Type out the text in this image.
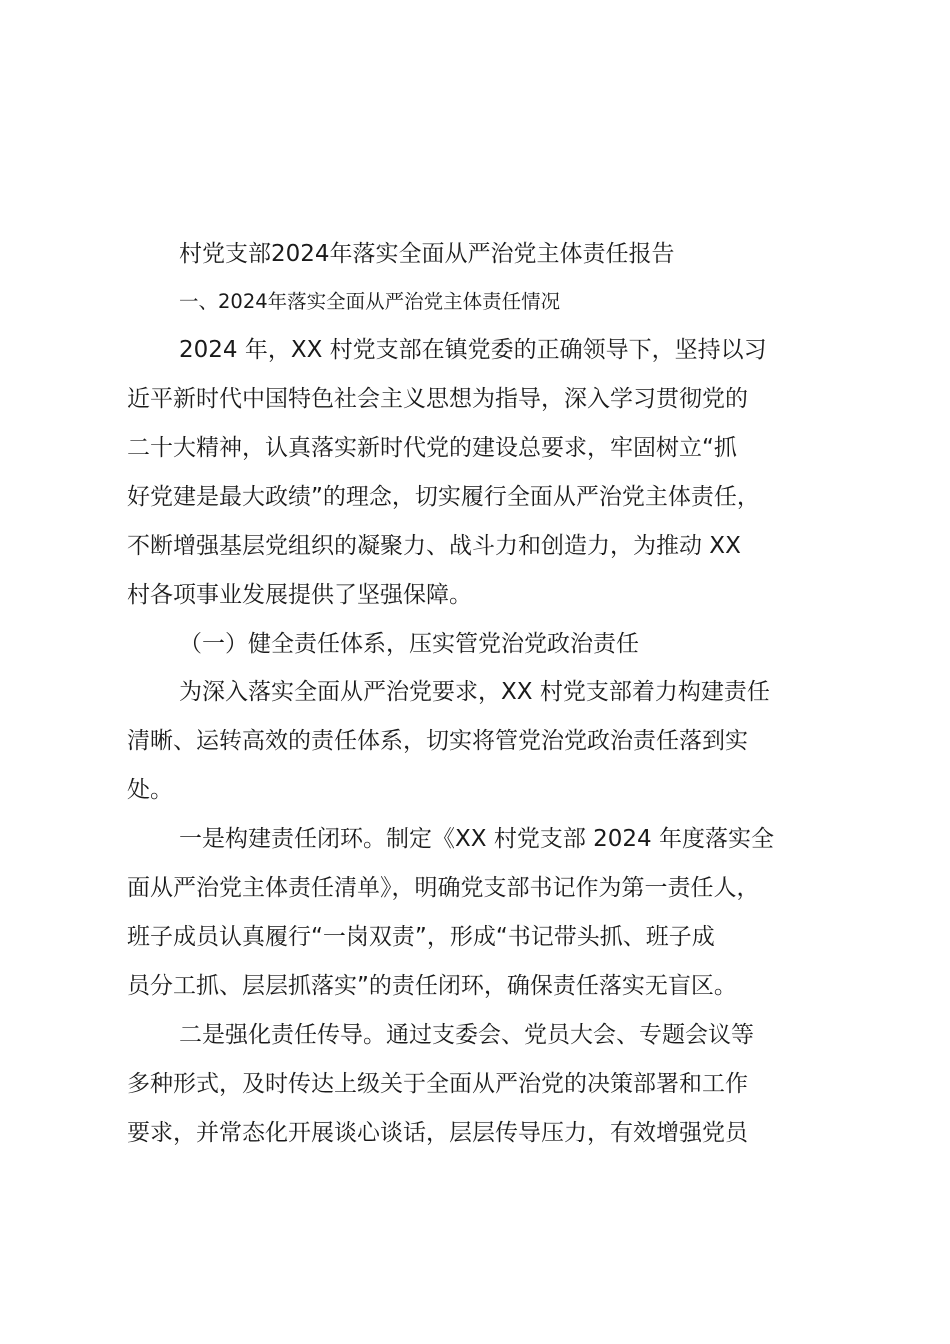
村党支部2024年落实全面从严治党主体责任报告
一、2024年落实全面从严治党主体责任情况

2024 年，XX 村党支部在镇党委的正确领导下，坚持以习
近平新时代中国特色社会主义思想为指导，深入学习贯彻党的
二十大精神，认真落实新时代党的建设总要求，牢固树立“抓
好党建是最大政绩”的理念，切实履行全面从严治党主体责任，
不断增强基层党组织的凝聚力、战斗力和创造力，为推动 XX
村各项事业发展提供了坚强保障。

（一）健全责任体系，压实管党治党政治责任

为深入落实全面从严治党要求，XX 村党支部着力构建责任
清晰、运转高效的责任体系，切实将管党治党政治责任落到实
处。

一是构建责任闭环。制定《XX 村党支部 2024 年度落实全
面从严治党主体责任清单》，明确党支部书记作为第一责任人，
班子成员认真履行“一岗双责”，形成“书记带头抓、班子成
员分工抓、层层抓落实”的责任闭环，确保责任落实无盲区。

二是强化责任传导。通过支委会、党员大会、专题会议等
多种形式，及时传达上级关于全面从严治党的决策部署和工作
要求，并常态化开展谈心谈话，层层传导压力，有效增强党员
